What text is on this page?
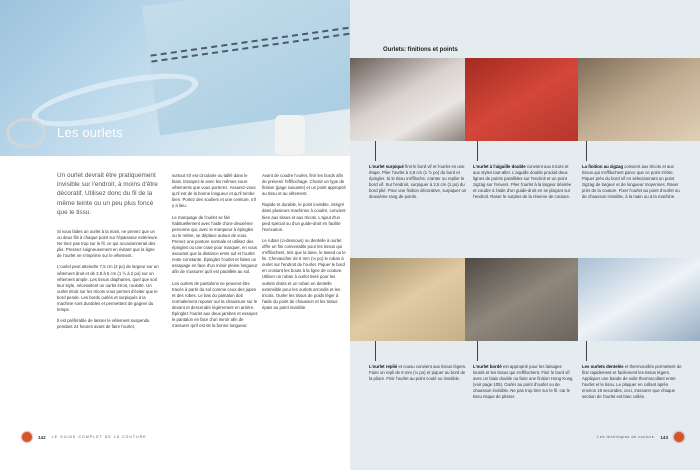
Les ourlets

Un ourlet devrait être pratiquement invisible sur l'endroit, à moins d'être décoratif. Utilisez donc du fil de la même teinte ou un peu plus foncé que le tissu.

Si vous faites un ourlet à la main, ne prenez que un ou deux fils à chaque point sur l'épaisseur extérieure. Ne tirez pas trop sur le fil, ce qui occasionnerait des plis. Pressez soigneusement en évitant que la ligne de l'ourlet ne s'imprime sur le vêtement.

L'ourlet peut atteindre 7,5 cm (3 po) de largeur sur un vêtement droit et de 3,8 à 5 cm (1 ½ à 2 po) sur un vêtement ample. Les tissus diaphanes, quel que soit leur style, nécessitent un ourlet étroit, roulotté. Un ourlet étroit sur les tricots vous permet d'éviter que le bord pende. Les bords ourlés et surpiqués à la machine sont durables et permettent de gagner du temps.

Il est préférable de laisser le vêtement suspendu pendant 24 heures avant de faire l'ourlet,

surtout s'il est circulaire ou taillé dans le biais. Essayez-le avec les mêmes sous-vêtements que vous porterez. Assurez-vous qu'il est de la bonne longueur et qu'il tombe bien. Portez des souliers et une ceinture, s'il y a lieu.

Le marquage de l'ourlet se fait habituellement avec l'aide d'une deuxième personne qui, avec le marqueur à épingles ou le mètre, se déplace autour de vous. Prenez une posture normale et utilisez des épingles ou une craie pour marquer, en vous assurant que la distance entre sol et l'ourlet reste constante. Épinglez l'ourlet et faites un essayage en face d'un miroir pleine longueur afin de s'assurer qu'il est parallèle au sol.

Les ourlets de pantalons ne peuvent être tracés à partir du sol comme ceux des jupes et des robes. Le bas du pantalon doit normalement reposer sur la chaussure sur le devant et descendre légèrement en arrière. Épinglez l'ourlet aux deux jambes et essayez le pantalon en face d'un miroir afin de s'assurer qu'il est de la bonne longueur.

Avant de coudre l'ourlet, finir les bords afin de prévenir l'effilochage. Choisir un type de finition (page suivante) et un point approprié au tissu et au vêtement.

Rapide et durable, le point invisible, intégré dans plusieurs machines à coudre, convient bien aux tissus et aux tricots. L'ajout d'un pied spécial ou d'un guide-droit en facilite l'exécution.

Le ruban (ci-dessous) ou dentelle à ourlet offre un fini convenable pour les tissus qui s'effilochent, tels que la laine, le tweed ou le lin. Chevaucher de 6 mm (¼ po) le ruban à ourlet sur l'endroit de l'ourlet. Piquer le bord en croisant les bouts à la ligne de couture. Utiliser un ruban à ourlet tissé pour les ourlets droits et un ruban en dentelle extensible pour les ourlets arrondis et les tricots. Ourler les tissus de poids léger à l'aide du point de chausson et les tissus épais au point invisible.

142 LE GUIDE COMPLET DE LA COUTURE
Ourlets: finitions et points

L'ourlet surpiqué finit le bord vif et l'ourlet en une étape. Plier l'ourlet à 3,8 cm (1 ½ po) du bord et épingler. Si le tissu s'effiloche, cranter ou replier le bord vif. Sur l'endroit, surpiquer à 2,5 cm (1 po) du bord plié. Pour une finition décorative, surpiquer un deuxième rang de points.

L'ourlet à l'aiguille double convient aux tricots et aux styles tout-aller. L'aiguille double produit deux lignes de points parallèles sur l'endroit et un point zigzag sur l'envers. Plier l'ourlet à la largeur désirée et coudre à l'aide d'un guide-droit en se plaçant sur l'endroit. Raser le surplus de la réserve de couture.

La finition au zigzag convient aux tricots et aux tissus qui s'effilochent parce que ce point s'étire. Piquer près du bord vif en sélectionnant un point zigzag de largeur et de longueur moyennes. Raser près de la couture. Fixer l'ourlet au point d'ourlet ou de chausson invisible, à la main ou à la machine.

L'ourlet replié et cousu convient aux tissus légers. Faire un repli de 6 mm (¼ po) et piquer au bord de la pliure. Finir l'ourlet au point coulé ou invisible.

L'ourlet bordé est approprié pour les lainages lourds et les tissus qui s'effilochent. Finir le bord vif avec un biais double ou faire une finition Hong Kong (voir page 105). Ourler au point d'ourlet ou de chausson invisible. Ne pas trop tirer sur le fil, car le tissu risque de plisser.

Les ourlets dentelés et thermocollés permettent de finir rapidement et facilement les tissus légers. Appliquer une bande de voile thermocollant entre l'ourlet et le tissu. Le plaquer en collant après environ 15 secondes, ceci, s'assurer que chaque section de l'ourlet est bien collée.

Les techniques de couture 143
